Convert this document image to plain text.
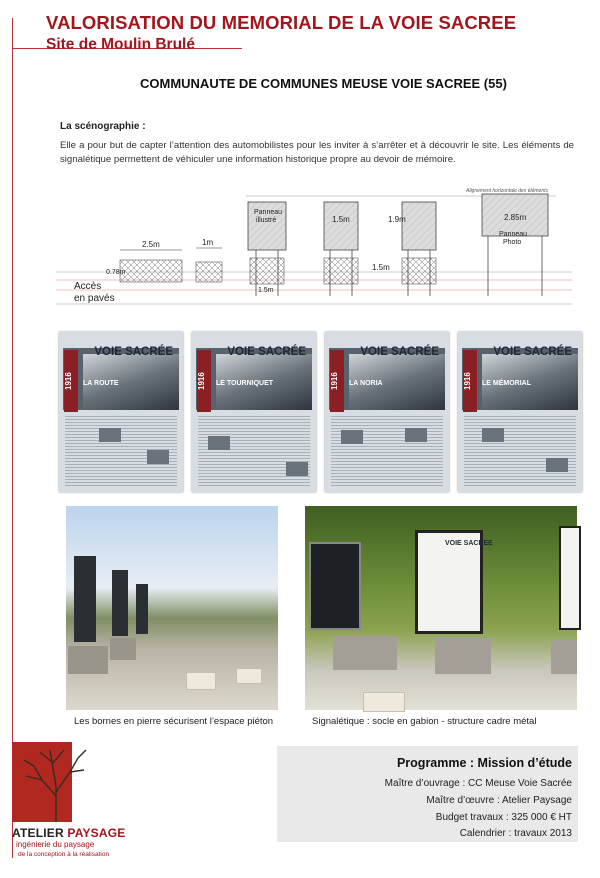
VALORISATION DU MEMORIAL DE LA VOIE SACREE
Site de Moulin Brulé
COMMUNAUTE DE COMMUNES MEUSE VOIE SACREE (55)
La scénographie :
Elle a pour but de capter l’attention des automobilistes pour les inviter à s’arrêter et à découvrir le site. Les éléments de signalétique permettent de véhiculer une information historique propre au devoir de mémoire.
Alignement horizontale des éléments
2.5m	1m
0.78m
Accès
en pavés
Panneau
illustré
1.5m
1.5m	1.9m
1.5m
2.85m
Panneau
Photo
1916
VOIE SACRÉE
LA ROUTE	1916
VOIE SACRÉE
LE TOURNIQUET	1916
VOIE SACRÉE
LA NORIA	1916
VOIE SACRÉE
LE MÉMORIAL
VOIE SACREE
Les bornes en pierre sécurisent l’espace piéton	Signalétique : socle en gabion - structure cadre métal
Programme : Mission d’étude
Maître d’ouvrage : CC Meuse Voie Sacrée
Maître d’œuvre : Atelier Paysage
Budget travaux : 325 000 € HT
Calendrier : travaux 2013
ATELIER PAYSAGE
ingénierie du paysage
de la conception à la réalisation
